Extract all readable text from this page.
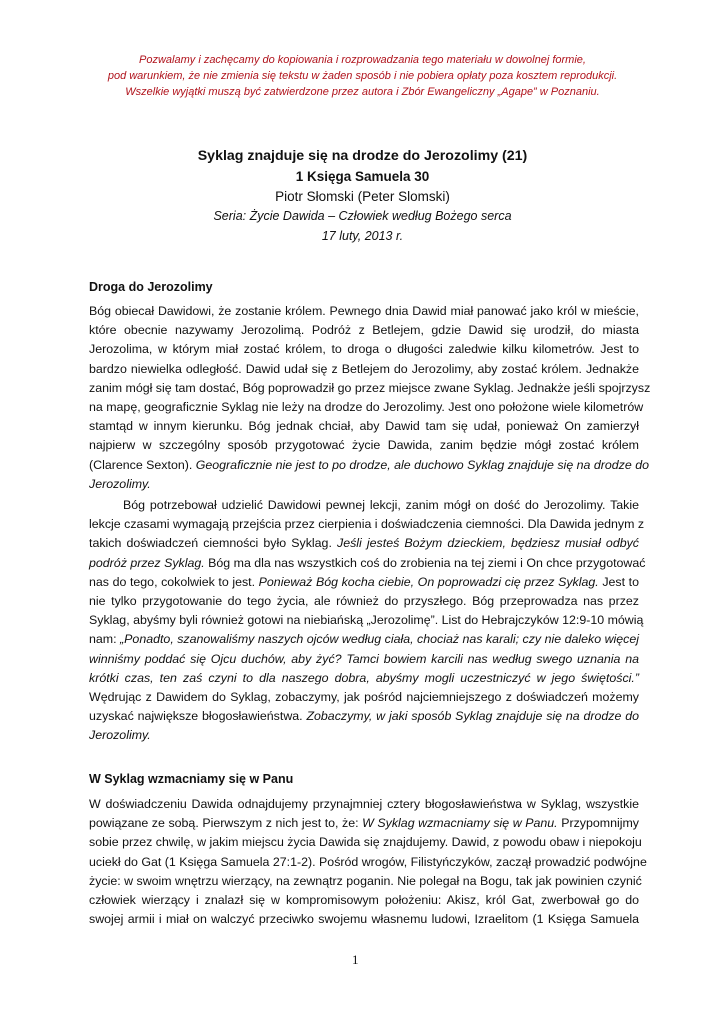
Pozwalamy i zachęcamy do kopiowania i rozprowadzania tego materiału w dowolnej formie,
pod warunkiem, że nie zmienia się tekstu w żaden sposób i nie pobiera opłaty poza kosztem reprodukcji.
Wszelkie wyjątki muszą być zatwierdzone przez autora i Zbór Ewangeliczny „Agape” w Poznaniu.
Syklag znajduje się na drodze do Jerozolimy (21)
1 Księga Samuela 30
Piotr Słomski (Peter Slomski)
Seria: Życie Dawida – Człowiek według Bożego serca
17 luty, 2013 r.
Droga do Jerozolimy
Bóg obiecał Dawidowi, że zostanie królem. Pewnego dnia Dawid miał panować jako król w mieście,
które obecnie nazywamy Jerozolimą. Podróż z Betlejem, gdzie Dawid się urodził, do miasta
Jerozolima, w którym miał zostać królem, to droga o długości zaledwie kilku kilometrów. Jest to
bardzo niewielka odległość. Dawid udał się z Betlejem do Jerozolimy, aby zostać królem. Jednakże
zanim mógł się tam dostać, Bóg poprowadził go przez miejsce zwane Syklag. Jednakże jeśli spojrzysz
na mapę, geograficznie Syklag nie leży na drodze do Jerozolimy. Jest ono położone wiele kilometrów
stamtąd w innym kierunku. Bóg jednak chciał, aby Dawid tam się udał, ponieważ On zamierzył
najpierw w szczególny sposób przygotować życie Dawida, zanim będzie mógł zostać królem
(Clarence Sexton). Geograficznie nie jest to po drodze, ale duchowo Syklag znajduje się na drodze do
Jerozolimy.
Bóg potrzebował udzielić Dawidowi pewnej lekcji, zanim mógł on dość do Jerozolimy. Takie
lekcje czasami wymagają przejścia przez cierpienia i doświadczenia ciemności. Dla Dawida jednym z
takich doświadczeń ciemności było Syklag. Jeśli jesteś Bożym dzieckiem, będziesz musiał odbyć
podróż przez Syklag. Bóg ma dla nas wszystkich coś do zrobienia na tej ziemi i On chce przygotować
nas do tego, cokolwiek to jest. Ponieważ Bóg kocha ciebie, On poprowadzi cię przez Syklag. Jest to
nie tylko przygotowanie do tego życia, ale również do przyszłego. Bóg przeprowadza nas przez
Syklag, abyśmy byli również gotowi na niebiańską „Jerozolimę”. List do Hebrajczyków 12:9-10 mówią
nam: „Ponadto, szanowaliśmy naszych ojców według ciała, chociaż nas karali; czy nie daleko więcej
winniśmy poddać się Ojcu duchów, aby żyć? Tamci bowiem karcili nas według swego uznania na
krótki czas, ten zaś czyni to dla naszego dobra, abyśmy mogli uczestniczyć w jego świętości.”
Wędrując z Dawidem do Syklag, zobaczymy, jak pośród najciemniejszego z doświadczeń możemy
uzyskać największe błogosławieństwa. Zobaczymy, w jaki sposób Syklag znajduje się na drodze do
Jerozolimy.
W Syklag wzmacniamy się w Panu
W doświadczeniu Dawida odnajdujemy przynajmniej cztery błogosławieństwa w Syklag, wszystkie
powiązane ze sobą. Pierwszym z nich jest to, że: W Syklag wzmacniamy się w Panu. Przypomnijmy
sobie przez chwilę, w jakim miejscu życia Dawida się znajdujemy. Dawid, z powodu obaw i niepokoju
uciekł do Gat (1 Księga Samuela 27:1-2). Pośród wrogów, Filistyńczyków, zaczął prowadzić podwójne
życie: w swoim wnętrzu wierzący, na zewnątrz poganin. Nie polegał na Bogu, tak jak powinien czynić
człowiek wierzący i znalazł się w kompromisowym położeniu: Akisz, król Gat, zwerbował go do
swojej armii i miał on walczyć przeciwko swojemu własnemu ludowi, Izraelitom (1 Księga Samuela
1
